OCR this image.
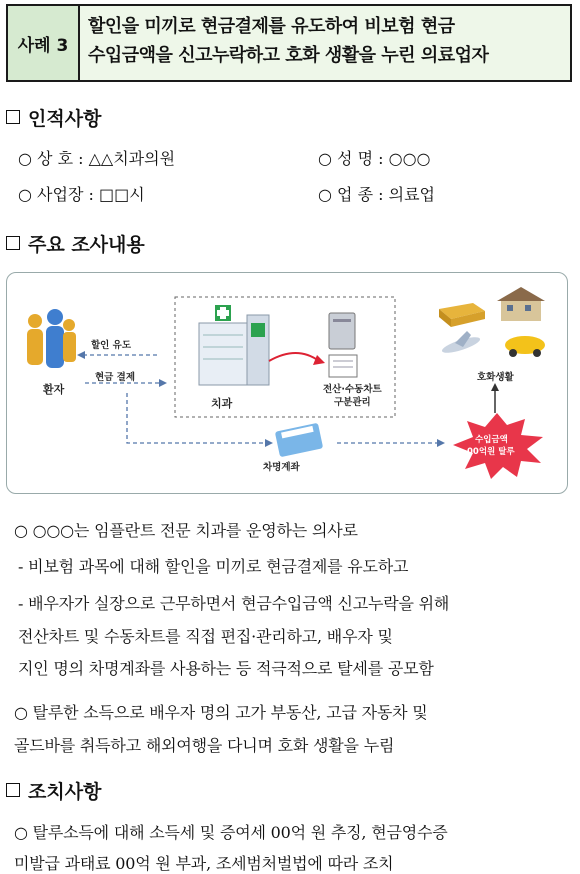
사례 3
할인을 미끼로 현금결제를 유도하여 비보험 현금
수입금액을 신고누락하고 호화 생활을 누린 의료업자
인적사항
○ 상 호 : △△치과의원	○ 성 명 : ○○○
○ 사업장 : □□시	○ 업 종 : 의료업
주요 조사내용
할인 유도
현금 결제
환자
치과
전산·수동차트
구분관리
호화생활
차명계좌
수입금액
00억원 탈루
○ ○○○는 임플란트 전문 치과를 운영하는 의사로
- 비보험 과목에 대해 할인을 미끼로 현금결제를 유도하고
- 배우자가 실장으로 근무하면서 현금수입금액 신고누락을 위해
전산차트 및 수동차트를 직접 편집·관리하고, 배우자 및
지인 명의 차명계좌를 사용하는 등 적극적으로 탈세를 공모함
○ 탈루한 소득으로 배우자 명의 고가 부동산, 고급 자동차 및
골드바를 취득하고 해외여행을 다니며 호화 생활을 누림
조치사항
○ 탈루소득에 대해 소득세 및 증여세 00억 원 추징, 현금영수증
미발급 과태료 00억 원 부과, 조세범처벌법에 따라 조치
